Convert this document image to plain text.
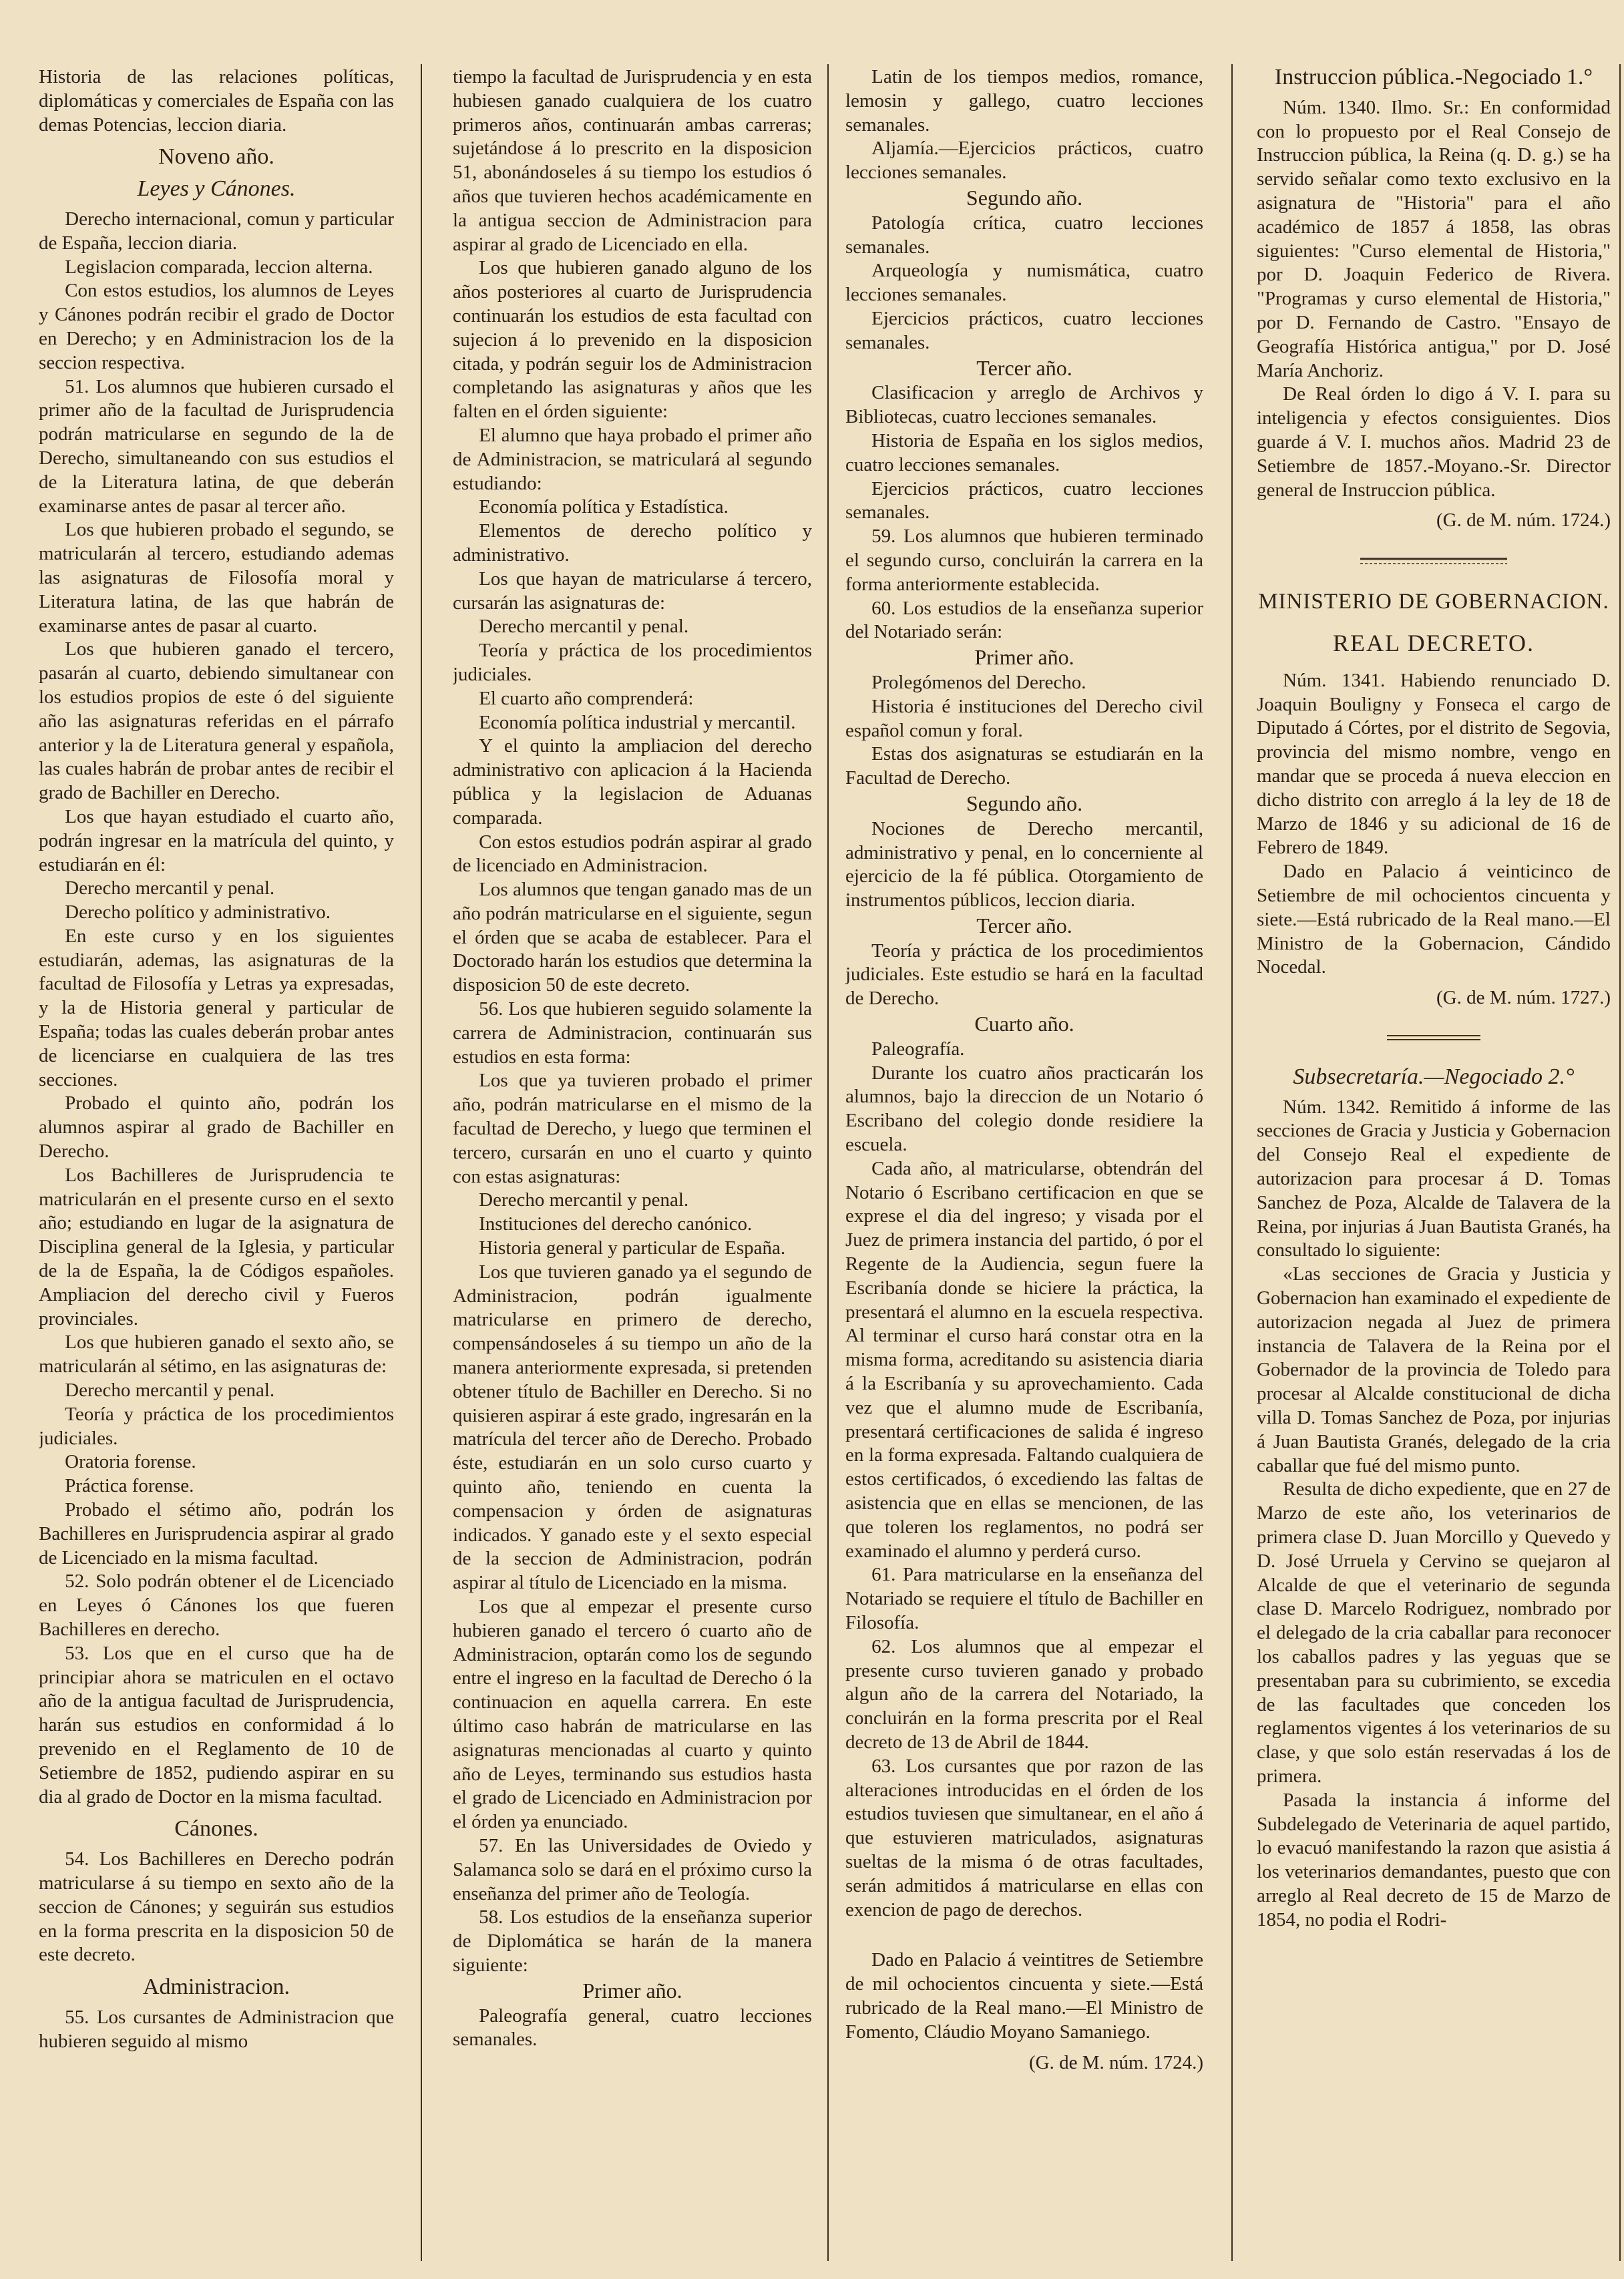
Historia de las relaciones políticas, diplomáticas y comerciales de España con las demas Potencias, leccion diaria.

Noveno año.
Leyes y Cánones.

Derecho internacional, comun y particular de España, leccion diaria.

Legislacion comparada, leccion alterna.

Con estos estudios, los alumnos de Leyes y Cánones podrán recibir el grado de Doctor en Derecho; y en Administracion los de la seccion respectiva.

51. Los alumnos que hubieren cursado el primer año de la facultad de Jurisprudencia podrán matricularse en segundo de la de Derecho, simultaneando con sus estudios el de la Literatura latina, de que deberán examinarse antes de pasar al tercer año.

Los que hubieren probado el segundo, se matricularán al tercero, estudiando ademas las asignaturas de Filosofía moral y Literatura latina, de las que habrán de examinarse antes de pasar al cuarto.

Los que hubieren ganado el tercero, pasarán al cuarto, debiendo simultanear con los estudios propios de este ó del siguiente año las asignaturas referidas en el párrafo anterior y la de Literatura general y española, las cuales habrán de probar antes de recibir el grado de Bachiller en Derecho.

Los que hayan estudiado el cuarto año, podrán ingresar en la matrícula del quinto, y estudiarán en él:

Derecho mercantil y penal.

Derecho político y administrativo.

En este curso y en los siguientes estudiarán, ademas, las asignaturas de la facultad de Filosofía y Letras ya expresadas, y la de Historia general y particular de España; todas las cuales deberán probar antes de licenciarse en cualquiera de las tres secciones.

Probado el quinto año, podrán los alumnos aspirar al grado de Bachiller en Derecho.

Los Bachilleres de Jurisprudencia te matricularán en el presente curso en el sexto año; estudiando en lugar de la asignatura de Disciplina general de la Iglesia, y particular de la de España, la de Códigos españoles. Ampliacion del derecho civil y Fueros provinciales.

Los que hubieren ganado el sexto año, se matricularán al sétimo, en las asignaturas de:

Derecho mercantil y penal.

Teoría y práctica de los procedimientos judiciales.

Oratoria forense.

Práctica forense.

Probado el sétimo año, podrán los Bachilleres en Jurisprudencia aspirar al grado de Licenciado en la misma facultad.

52. Solo podrán obtener el de Licenciado en Leyes ó Cánones los que fueren Bachilleres en derecho.

53. Los que en el curso que ha de principiar ahora se matriculen en el octavo año de la antigua facultad de Jurisprudencia, harán sus estudios en conformidad á lo prevenido en el Reglamento de 10 de Setiembre de 1852, pudiendo aspirar en su dia al grado de Doctor en la misma facultad.

Cánones.

54. Los Bachilleres en Derecho podrán matricularse á su tiempo en sexto año de la seccion de Cánones; y seguirán sus estudios en la forma prescrita en la disposicion 50 de este decreto.

Administracion.

55. Los cursantes de Administracion que hubieren seguido al mismo

tiempo la facultad de Jurisprudencia y en esta hubiesen ganado cualquiera de los cuatro primeros años, continuarán ambas carreras; sujetándose á lo prescrito en la disposicion 51, abonándoseles á su tiempo los estudios ó años que tuvieren hechos académicamente en la antigua seccion de Administracion para aspirar al grado de Licenciado en ella.

Los que hubieren ganado alguno de los años posteriores al cuarto de Jurisprudencia continuarán los estudios de esta facultad con sujecion á lo prevenido en la disposicion citada, y podrán seguir los de Administracion completando las asignaturas y años que les falten en el órden siguiente:

El alumno que haya probado el primer año de Administracion, se matriculará al segundo estudiando:

Economía política y Estadística.

Elementos de derecho político y administrativo.

Los que hayan de matricularse á tercero, cursarán las asignaturas de:

Derecho mercantil y penal.

Teoría y práctica de los procedimientos judiciales.

El cuarto año comprenderá:

Economía política industrial y mercantil.

Y el quinto la ampliacion del derecho administrativo con aplicacion á la Hacienda pública y la legislacion de Aduanas comparada.

Con estos estudios podrán aspirar al grado de licenciado en Administracion.

Los alumnos que tengan ganado mas de un año podrán matricularse en el siguiente, segun el órden que se acaba de establecer. Para el Doctorado harán los estudios que determina la disposicion 50 de este decreto.

56. Los que hubieren seguido solamente la carrera de Administracion, continuarán sus estudios en esta forma:

Los que ya tuvieren probado el primer año, podrán matricularse en el mismo de la facultad de Derecho, y luego que terminen el tercero, cursarán en uno el cuarto y quinto con estas asignaturas:

Derecho mercantil y penal.

Instituciones del derecho canónico.

Historia general y particular de España.

Los que tuvieren ganado ya el segundo de Administracion, podrán igualmente matricularse en primero de derecho, compensándoseles á su tiempo un año de la manera anteriormente expresada, si pretenden obtener título de Bachiller en Derecho. Si no quisieren aspirar á este grado, ingresarán en la matrícula del tercer año de Derecho. Probado éste, estudiarán en un solo curso cuarto y quinto año, teniendo en cuenta la compensacion y órden de asignaturas indicados. Y ganado este y el sexto especial de la seccion de Administracion, podrán aspirar al título de Licenciado en la misma.

Los que al empezar el presente curso hubieren ganado el tercero ó cuarto año de Administracion, optarán como los de segundo entre el ingreso en la facultad de Derecho ó la continuacion en aquella carrera. En este último caso habrán de matricularse en las asignaturas mencionadas al cuarto y quinto año de Leyes, terminando sus estudios hasta el grado de Licenciado en Administracion por el órden ya enunciado.

57. En las Universidades de Oviedo y Salamanca solo se dará en el próximo curso la enseñanza del primer año de Teología.

58. Los estudios de la enseñanza superior de Diplomática se harán de la manera siguiente:

Primer año.

Paleografía general, cuatro lecciones semanales.

Latin de los tiempos medios, romance, lemosin y gallego, cuatro lecciones semanales.

Aljamía.—Ejercicios prácticos, cuatro lecciones semanales.

Segundo año.

Patología crítica, cuatro lecciones semanales.

Arqueología y numismática, cuatro lecciones semanales.

Ejercicios prácticos, cuatro lecciones semanales.

Tercer año.

Clasificacion y arreglo de Archivos y Bibliotecas, cuatro lecciones semanales.

Historia de España en los siglos medios, cuatro lecciones semanales.

Ejercicios prácticos, cuatro lecciones semanales.

59. Los alumnos que hubieren terminado el segundo curso, concluirán la carrera en la forma anteriormente establecida.

60. Los estudios de la enseñanza superior del Notariado serán:

Primer año.

Prolegómenos del Derecho.

Historia é instituciones del Derecho civil español comun y foral.

Estas dos asignaturas se estudiarán en la Facultad de Derecho.

Segundo año.

Nociones de Derecho mercantil, administrativo y penal, en lo concerniente al ejercicio de la fé pública. Otorgamiento de instrumentos públicos, leccion diaria.

Tercer año.

Teoría y práctica de los procedimientos judiciales. Este estudio se hará en la facultad de Derecho.

Cuarto año.

Paleografía.

Durante los cuatro años practicarán los alumnos, bajo la direccion de un Notario ó Escribano del colegio donde residiere la escuela.

Cada año, al matricularse, obtendrán del Notario ó Escribano certificacion en que se exprese el dia del ingreso; y visada por el Juez de primera instancia del partido, ó por el Regente de la Audiencia, segun fuere la Escribanía donde se hiciere la práctica, la presentará el alumno en la escuela respectiva. Al terminar el curso hará constar otra en la misma forma, acreditando su asistencia diaria á la Escribanía y su aprovechamiento. Cada vez que el alumno mude de Escribanía, presentará certificaciones de salida é ingreso en la forma expresada. Faltando cualquiera de estos certificados, ó excediendo las faltas de asistencia que en ellas se mencionen, de las que toleren los reglamentos, no podrá ser examinado el alumno y perderá curso.

61. Para matricularse en la enseñanza del Notariado se requiere el título de Bachiller en Filosofía.

62. Los alumnos que al empezar el presente curso tuvieren ganado y probado algun año de la carrera del Notariado, la concluirán en la forma prescrita por el Real decreto de 13 de Abril de 1844.

63. Los cursantes que por razon de las alteraciones introducidas en el órden de los estudios tuviesen que simultanear, en el año á que estuvieren matriculados, asignaturas sueltas de la misma ó de otras facultades, serán admitidos á matricularse en ellas con exencion de pago de derechos.

Dado en Palacio á veintitres de Setiembre de mil ochocientos cincuenta y siete.—Está rubricado de la Real mano.—El Ministro de Fomento, Cláudio Moyano Samaniego.

(G. de M. núm. 1724.)

Instruccion pública.-Negociado 1.°

Núm. 1340. Ilmo. Sr.: En conformidad con lo propuesto por el Real Consejo de Instruccion pública, la Reina (q. D. g.) se ha servido señalar como texto exclusivo en la asignatura de "Historia" para el año académico de 1857 á 1858, las obras siguientes: "Curso elemental de Historia," por D. Joaquin Federico de Rivera. "Programas y curso elemental de Historia," por D. Fernando de Castro. "Ensayo de Geografía Histórica antigua," por D. José María Anchoriz.

De Real órden lo digo á V. I. para su inteligencia y efectos consiguientes. Dios guarde á V. I. muchos años. Madrid 23 de Setiembre de 1857.-Moyano.-Sr. Director general de Instruccion pública.

(G. de M. núm. 1724.)

MINISTERIO DE GOBERNACION.
REAL DECRETO.

Núm. 1341. Habiendo renunciado D. Joaquin Bouligny y Fonseca el cargo de Diputado á Córtes, por el distrito de Segovia, provincia del mismo nombre, vengo en mandar que se proceda á nueva eleccion en dicho distrito con arreglo á la ley de 18 de Marzo de 1846 y su adicional de 16 de Febrero de 1849.

Dado en Palacio á veinticinco de Setiembre de mil ochocientos cincuenta y siete.—Está rubricado de la Real mano.—El Ministro de la Gobernacion, Cándido Nocedal.

(G. de M. núm. 1727.)

Subsecretaría.—Negociado 2.°

Núm. 1342. Remitido á informe de las secciones de Gracia y Justicia y Gobernacion del Consejo Real el expediente de autorizacion para procesar á D. Tomas Sanchez de Poza, Alcalde de Talavera de la Reina, por injurias á Juan Bautista Granés, ha consultado lo siguiente:

«Las secciones de Gracia y Justicia y Gobernacion han examinado el expediente de autorizacion negada al Juez de primera instancia de Talavera de la Reina por el Gobernador de la provincia de Toledo para procesar al Alcalde constitucional de dicha villa D. Tomas Sanchez de Poza, por injurias á Juan Bautista Granés, delegado de la cria caballar que fué del mismo punto.

Resulta de dicho expediente, que en 27 de Marzo de este año, los veterinarios de primera clase D. Juan Morcillo y Quevedo y D. José Urruela y Cervino se quejaron al Alcalde de que el veterinario de segunda clase D. Marcelo Rodriguez, nombrado por el delegado de la cria caballar para reconocer los caballos padres y las yeguas que se presentaban para su cubrimiento, se excedia de las facultades que conceden los reglamentos vigentes á los veterinarios de su clase, y que solo están reservadas á los de primera.

Pasada la instancia á informe del Subdelegado de Veterinaria de aquel partido, lo evacuó manifestando la razon que asistia á los veterinarios demandantes, puesto que con arreglo al Real decreto de 15 de Marzo de 1854, no podia el Rodri-
